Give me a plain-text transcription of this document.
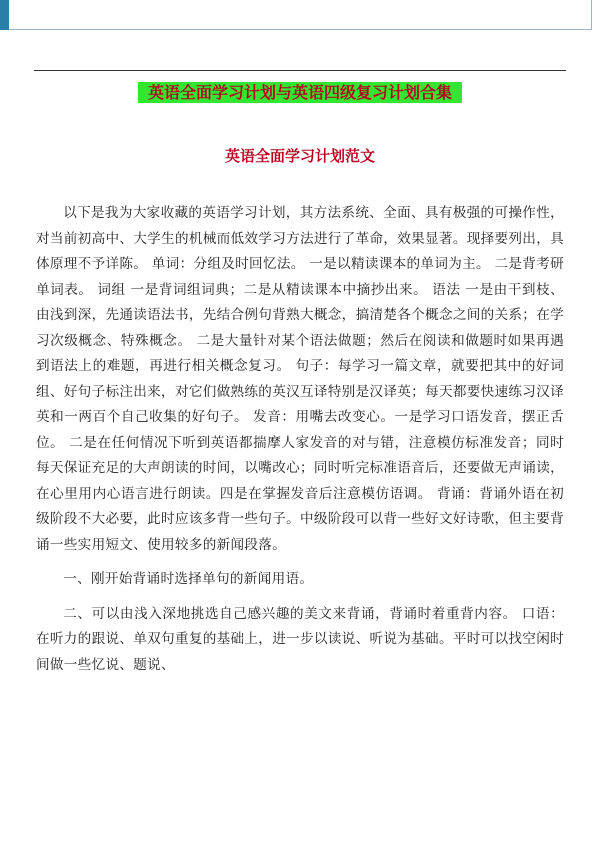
英语全面学习计划与英语四级复习计划合集
英语全面学习计划范文

以下是我为大家收藏的英语学习计划，其方法系统、全面、具有极强的可操作性，对当前初高中、大学生的机械而低效学习方法进行了革命，效果显著。现择要列出，具体原理不予详陈。 单词：分组及时回忆法。 一是以精读课本的单词为主。 二是背考研单词表。 词组 一是背词组词典；二是从精读课本中摘抄出来。 语法 一是由干到枝、由浅到深，先通读语法书，先结合例句背熟大概念，搞清楚各个概念之间的关系；在学习次级概念、特殊概念。 二是大量针对某个语法做题；然后在阅读和做题时如果再遇到语法上的难题，再进行相关概念复习。 句子：每学习一篇文章，就要把其中的好词组、好句子标注出来，对它们做熟练的英汉互译特别是汉译英；每天都要快速练习汉译英和一两百个自己收集的好句子。 发音：用嘴去改变心。一是学习口语发音，摆正舌位。 二是在任何情况下听到英语都揣摩人家发音的对与错，注意模仿标准发音；同时每天保证充足的大声朗读的时间，以嘴改心；同时听完标准语音后，还要做无声诵读，在心里用内心语言进行朗读。四是在掌握发音后注意模仿语调。 背诵：背诵外语在初级阶段不大必要，此时应该多背一些句子。中级阶段可以背一些好文好诗歌，但主要背诵一些实用短文、使用较多的新闻段落。

一、刚开始背诵时选择单句的新闻用语。

二、可以由浅入深地挑选自己感兴趣的美文来背诵，背诵时着重背内容。 口语：在听力的跟说、单双句重复的基础上，进一步以读说、听说为基础。平时可以找空闲时间做一些忆说、题说、
